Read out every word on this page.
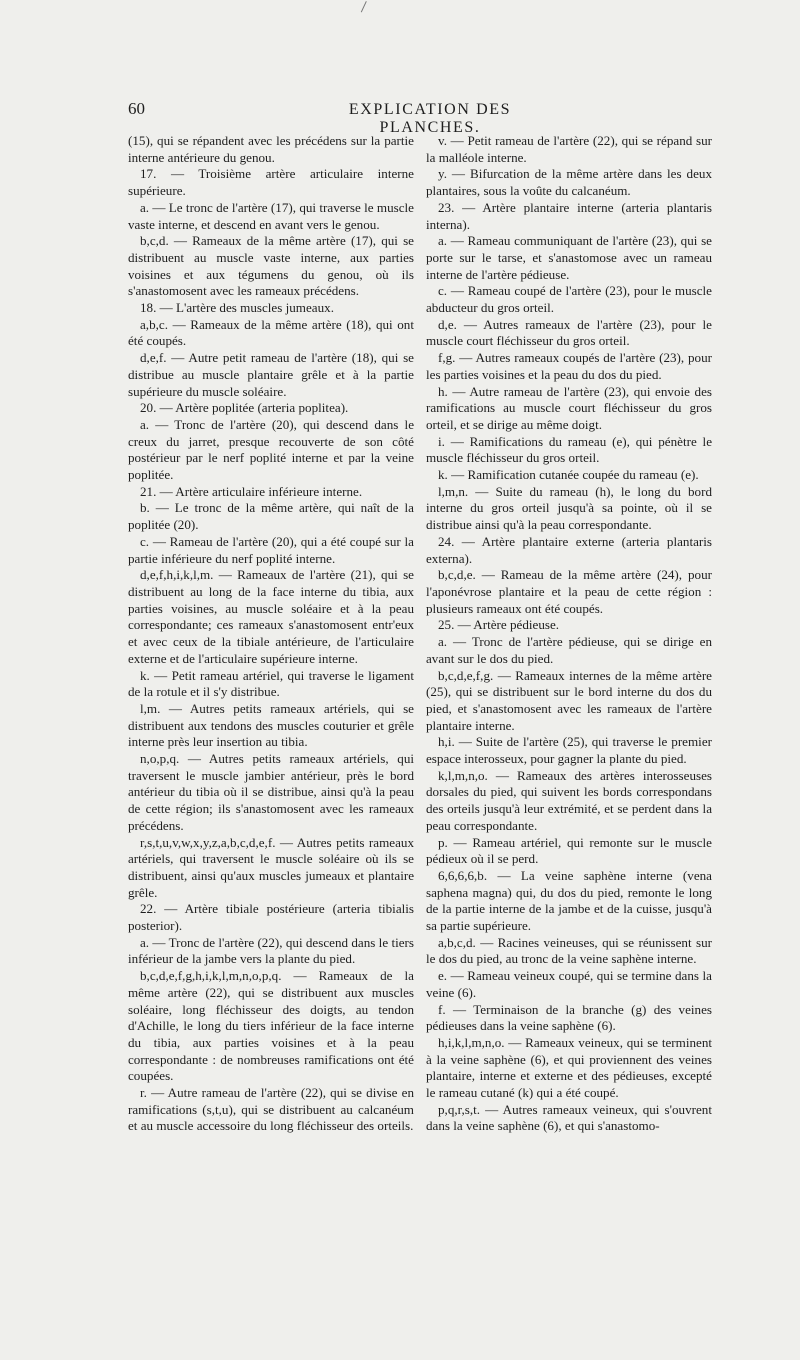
60	EXPLICATION DES PLANCHES.

(15), qui se répandent avec les précédens sur la partie interne antérieure du genou.

17. — Troisième artère articulaire interne supérieure.

a. — Le tronc de l'artère (17), qui traverse le muscle vaste interne, et descend en avant vers le genou.

b,c,d. — Rameaux de la même artère (17), qui se distribuent au muscle vaste interne, aux parties voisines et aux tégumens du genou, où ils s'anastomosent avec les rameaux précédens.

18. — L'artère des muscles jumeaux.

a,b,c. — Rameaux de la même artère (18), qui ont été coupés.

d,e,f. — Autre petit rameau de l'artère (18), qui se distribue au muscle plantaire grêle et à la partie supérieure du muscle soléaire.

20. — Artère poplitée (arteria poplitea).

a. — Tronc de l'artère (20), qui descend dans le creux du jarret, presque recouverte de son côté postérieur par le nerf poplité interne et par la veine poplitée.

21. — Artère articulaire inférieure interne.

b. — Le tronc de la même artère, qui naît de la poplitée (20).

c. — Rameau de l'artère (20), qui a été coupé sur la partie inférieure du nerf poplité interne.

d,e,f,h,i,k,l,m. — Rameaux de l'artère (21), qui se distribuent au long de la face interne du tibia, aux parties voisines, au muscle soléaire et à la peau correspondante; ces rameaux s'anastomosent entr'eux et avec ceux de la tibiale antérieure, de l'articulaire externe et de l'articulaire supérieure interne.

k. — Petit rameau artériel, qui traverse le ligament de la rotule et il s'y distribue.

l,m. — Autres petits rameaux artériels, qui se distribuent aux tendons des muscles couturier et grêle interne près leur insertion au tibia.

n,o,p,q. — Autres petits rameaux artériels, qui traversent le muscle jambier antérieur, près le bord antérieur du tibia où il se distribue, ainsi qu'à la peau de cette région; ils s'anastomosent avec les rameaux précédens.

r,s,t,u,v,w,x,y,z,a,b,c,d,e,f. — Autres petits rameaux artériels, qui traversent le muscle soléaire où ils se distribuent, ainsi qu'aux muscles jumeaux et plantaire grêle.

22. — Artère tibiale postérieure (arteria tibialis posterior).

a. — Tronc de l'artère (22), qui descend dans le tiers inférieur de la jambe vers la plante du pied.

b,c,d,e,f,g,h,i,k,l,m,n,o,p,q. — Rameaux de la même artère (22), qui se distribuent aux muscles soléaire, long fléchisseur des doigts, au tendon d'Achille, le long du tiers inférieur de la face interne du tibia, aux parties voisines et à la peau correspondante : de nombreuses ramifications ont été coupées.

r. — Autre rameau de l'artère (22), qui se divise en ramifications (s,t,u), qui se distribuent au calcanéum et au muscle accessoire du long fléchisseur des orteils.

v. — Petit rameau de l'artère (22), qui se répand sur la malléole interne.

y. — Bifurcation de la même artère dans les deux plantaires, sous la voûte du calcanéum.

23. — Artère plantaire interne (arteria plantaris interna).

a. — Rameau communiquant de l'artère (23), qui se porte sur le tarse, et s'anastomose avec un rameau interne de l'artère pédieuse.

c. — Rameau coupé de l'artère (23), pour le muscle abducteur du gros orteil.

d,e. — Autres rameaux de l'artère (23), pour le muscle court fléchisseur du gros orteil.

f,g. — Autres rameaux coupés de l'artère (23), pour les parties voisines et la peau du dos du pied.

h. — Autre rameau de l'artère (23), qui envoie des ramifications au muscle court fléchisseur du gros orteil, et se dirige au même doigt.

i. — Ramifications du rameau (e), qui pénètre le muscle fléchisseur du gros orteil.

k. — Ramification cutanée coupée du rameau (e).

l,m,n. — Suite du rameau (h), le long du bord interne du gros orteil jusqu'à sa pointe, où il se distribue ainsi qu'à la peau correspondante.

24. — Artère plantaire externe (arteria plantaris externa).

b,c,d,e. — Rameau de la même artère (24), pour l'aponévrose plantaire et la peau de cette région : plusieurs rameaux ont été coupés.

25. — Artère pédieuse.

a. — Tronc de l'artère pédieuse, qui se dirige en avant sur le dos du pied.

b,c,d,e,f,g. — Rameaux internes de la même artère (25), qui se distribuent sur le bord interne du dos du pied, et s'anastomosent avec les rameaux de l'artère plantaire interne.

h,i. — Suite de l'artère (25), qui traverse le premier espace interosseux, pour gagner la plante du pied.

k,l,m,n,o. — Rameaux des artères interosseuses dorsales du pied, qui suivent les bords correspondans des orteils jusqu'à leur extrémité, et se perdent dans la peau correspondante.

p. — Rameau artériel, qui remonte sur le muscle pédieux où il se perd.

6,6,6,6,b. — La veine saphène interne (vena saphena magna) qui, du dos du pied, remonte le long de la partie interne de la jambe et de la cuisse, jusqu'à sa partie supérieure.

a,b,c,d. — Racines veineuses, qui se réunissent sur le dos du pied, au tronc de la veine saphène interne.

e. — Rameau veineux coupé, qui se termine dans la veine (6).

f. — Terminaison de la branche (g) des veines pédieuses dans la veine saphène (6).

h,i,k,l,m,n,o. — Rameaux veineux, qui se terminent à la veine saphène (6), et qui proviennent des veines plantaire, interne et externe et des pédieuses, excepté le rameau cutané (k) qui a été coupé.

p,q,r,s,t. — Autres rameaux veineux, qui s'ouvrent dans la veine saphène (6), et qui s'anastomo-
